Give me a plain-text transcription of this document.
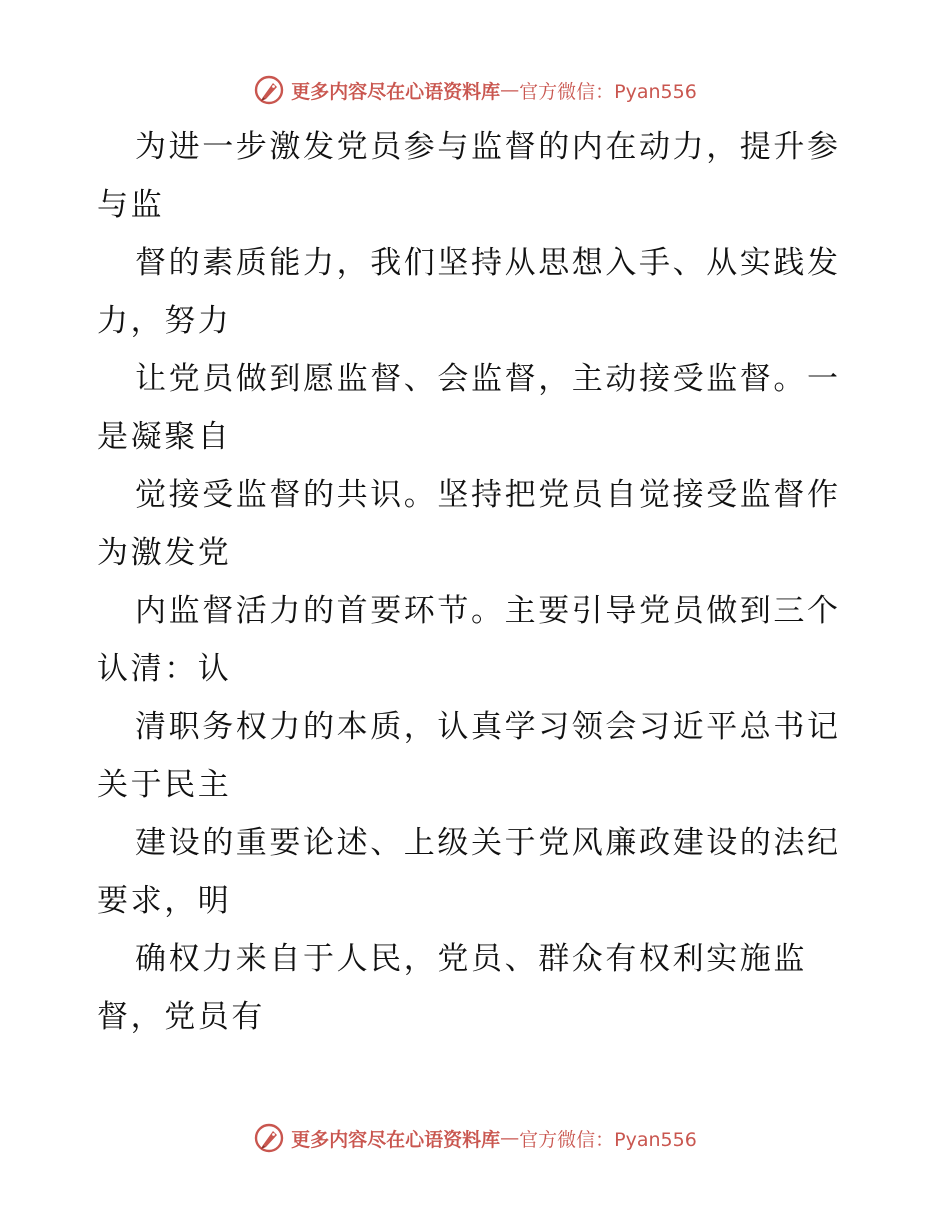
更多内容尽在心语资料库 — 官方微信：Pyan556
为进一步激发党员参与监督的内在动力，提升参
与监
督的素质能力，我们坚持从思想入手、从实践发
力，努力
让党员做到愿监督、会监督，主动接受监督。一
是凝聚自
觉接受监督的共识。坚持把党员自觉接受监督作
为激发党
内监督活力的首要环节。主要引导党员做到三个
认清：认
清职务权力的本质，认真学习领会习近平总书记
关于民主
建设的重要论述、上级关于党风廉政建设的法纪
要求，明
确权力来自于人民，党员、群众有权利实施监
督，党员有
更多内容尽在心语资料库 — 官方微信：Pyan556
